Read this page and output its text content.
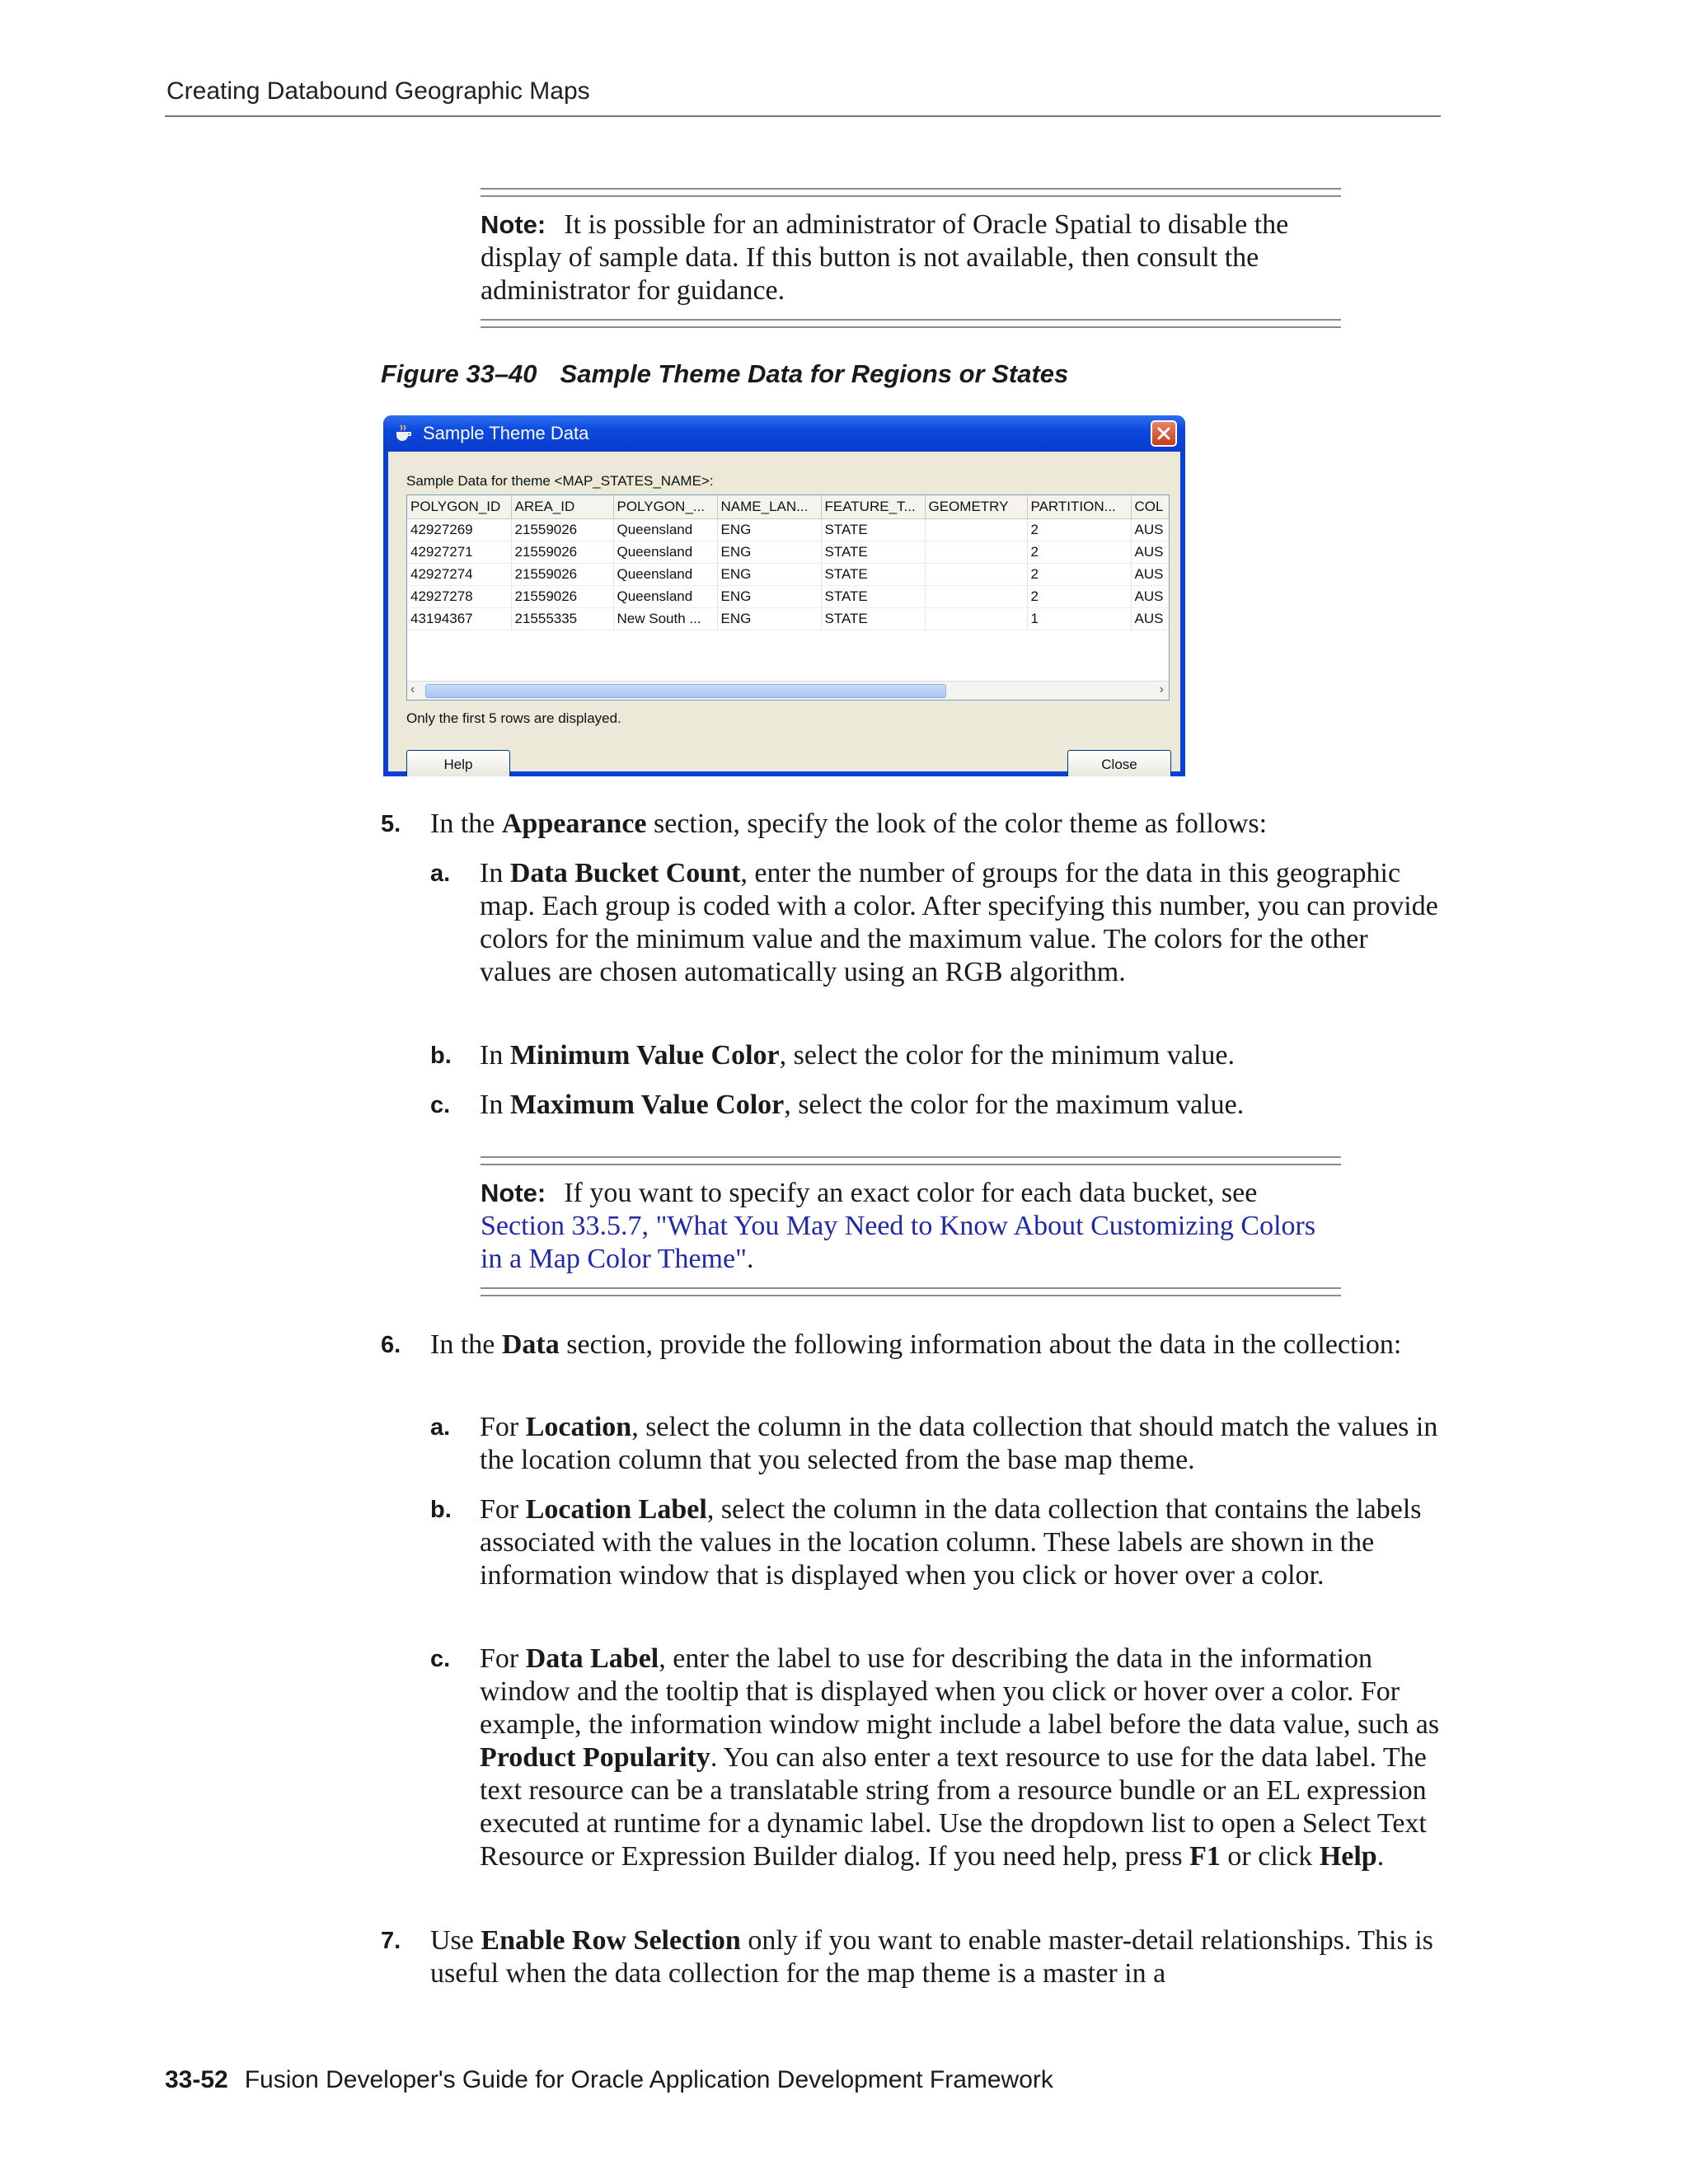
Creating Databound Geographic Maps
Note: It is possible for an administrator of Oracle Spatial to disable the display of sample data. If this button is not available, then consult the administrator for guidance.
Figure 33–40 Sample Theme Data for Regions or States
Sample Theme Data
Sample Data for theme <MAP_STATES_NAME>:
POLYGON_ID	AREA_ID	POLYGON_...	NAME_LAN...	FEATURE_T...	GEOMETRY	PARTITION...	COL
42927269	21559026	Queensland	ENG	STATE		2	AUS
42927271	21559026	Queensland	ENG	STATE		2	AUS
42927274	21559026	Queensland	ENG	STATE		2	AUS
42927278	21559026	Queensland	ENG	STATE		2	AUS
43194367	21555335	New South ...	ENG	STATE		1	AUS
‹	›
Only the first 5 rows are displayed.
Help	Close
5. In the Appearance section, specify the look of the color theme as follows:
a. In Data Bucket Count, enter the number of groups for the data in this geographic map. Each group is coded with a color. After specifying this number, you can provide colors for the minimum value and the maximum value. The colors for the other values are chosen automatically using an RGB algorithm.
b. In Minimum Value Color, select the color for the minimum value.
c. In Maximum Value Color, select the color for the maximum value.
Note: If you want to specify an exact color for each data bucket, see Section 33.5.7, "What You May Need to Know About Customizing Colors in a Map Color Theme".
6. In the Data section, provide the following information about the data in the collection:
a. For Location, select the column in the data collection that should match the values in the location column that you selected from the base map theme.
b. For Location Label, select the column in the data collection that contains the labels associated with the values in the location column. These labels are shown in the information window that is displayed when you click or hover over a color.
c. For Data Label, enter the label to use for describing the data in the information window and the tooltip that is displayed when you click or hover over a color. For example, the information window might include a label before the data value, such as Product Popularity. You can also enter a text resource to use for the data label. The text resource can be a translatable string from a resource bundle or an EL expression executed at runtime for a dynamic label. Use the dropdown list to open a Select Text Resource or Expression Builder dialog. If you need help, press F1 or click Help.
7. Use Enable Row Selection only if you want to enable master-detail relationships. This is useful when the data collection for the map theme is a master in a
33-52 Fusion Developer's Guide for Oracle Application Development Framework
